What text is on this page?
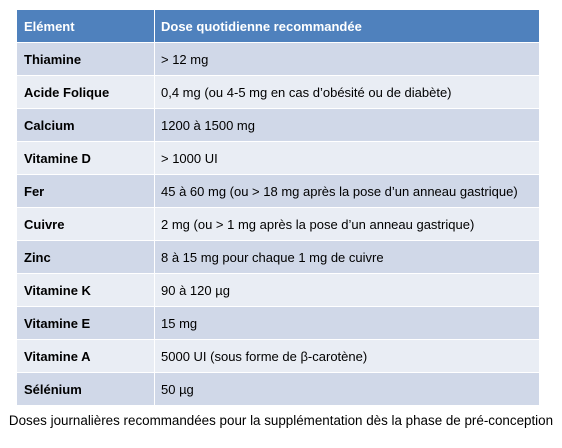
Elément	Dose quotidienne recommandée
Thiamine	> 12 mg
Acide Folique	0,4 mg (ou 4-5 mg en cas d’obésité ou de diabète)
Calcium	1200 à 1500 mg
Vitamine D	> 1000 UI
Fer	45 à 60 mg (ou > 18 mg après la pose d’un anneau gastrique)
Cuivre	2 mg (ou > 1 mg après la pose d’un anneau gastrique)
Zinc	8 à 15 mg pour chaque 1 mg de cuivre
Vitamine K	90 à 120 µg
Vitamine E	15 mg
Vitamine A	5000 UI (sous forme de β-carotène)
Sélénium	50 µg
Doses journalières recommandées pour la supplémentation dès la phase de pré-conception
